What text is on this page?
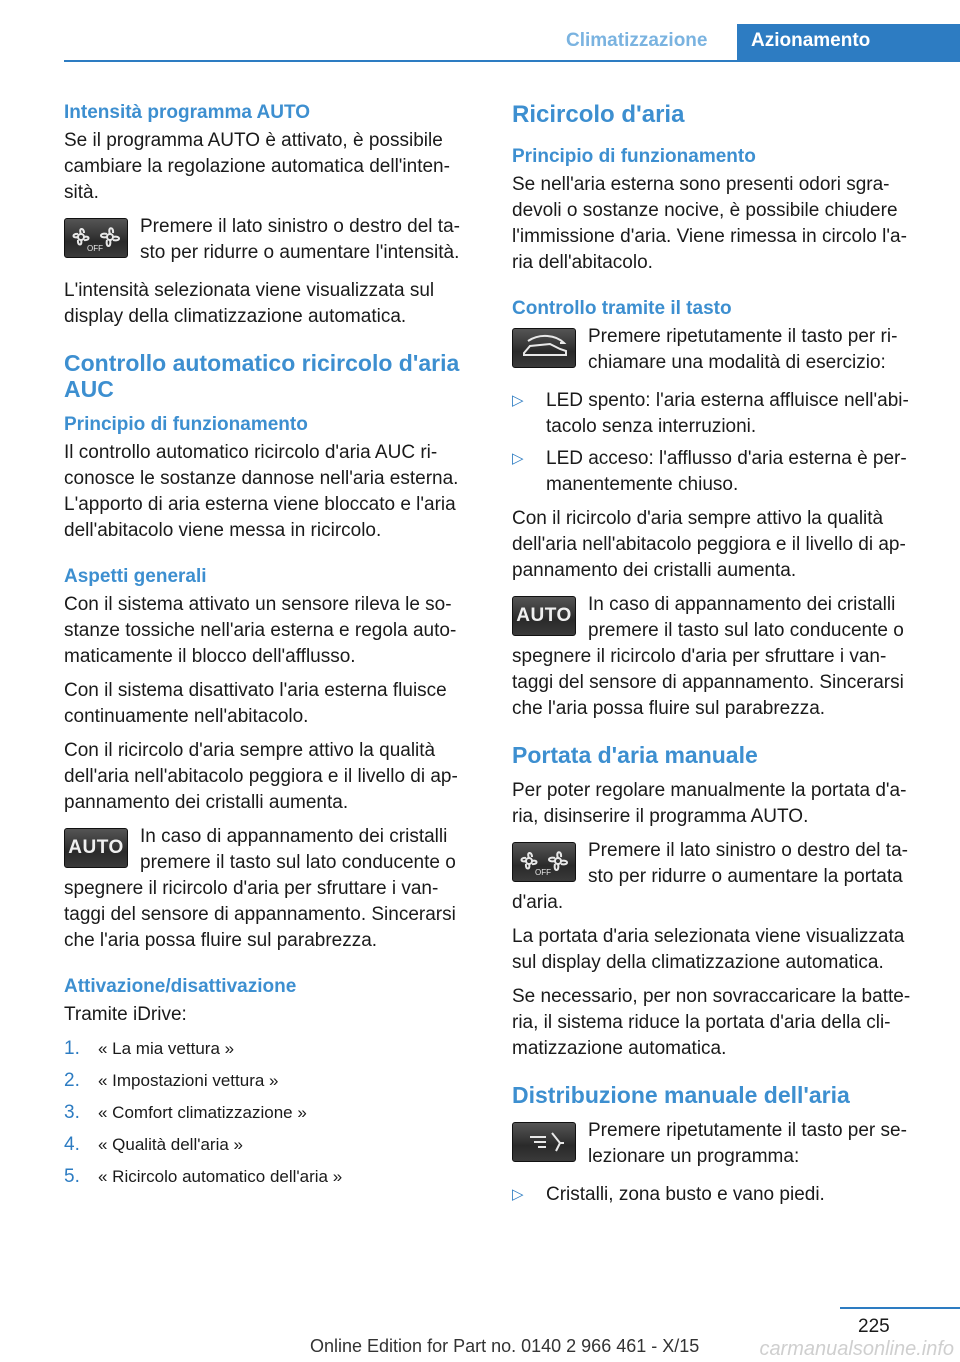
Climatizzazione	Azionamento
Intensità programma AUTO

Se il programma AUTO è attivato, è possibile cambiare la regolazione automatica dell'inten-sità.

OFF
Premere il lato sinistro o destro del ta-sto per ridurre o aumentare l'intensità.

L'intensità selezionata viene visualizzata sul display della climatizzazione automatica.

Controllo automatico ricircolo d'aria AUC
Principio di funzionamento

Il controllo automatico ricircolo d'aria AUC ri-conosce le sostanze dannose nell'aria esterna. L'apporto di aria esterna viene bloccato e l'aria dell'abitacolo viene messa in ricircolo.

Aspetti generali

Con il sistema attivato un sensore rileva le so-stanze tossiche nell'aria esterna e regola auto-maticamente il blocco dell'afflusso.

Con il sistema disattivato l'aria esterna fluisce continuamente nell'abitacolo.

Con il ricircolo d'aria sempre attivo la qualità dell'aria nell'abitacolo peggiora e il livello di ap-pannamento dei cristalli aumenta.

AUTO

In caso di appannamento dei cristalli premere il tasto sul lato conducente o spegnere il ricircolo d'aria per sfruttare i van-taggi del sensore di appannamento. Sincerarsi che l'aria possa fluire sul parabrezza.

Attivazione/disattivazione

Tramite iDrive:

1. « La mia vettura »
2. « Impostazioni vettura »
3. « Comfort climatizzazione »
4. « Qualità dell'aria »
5. « Ricircolo automatico dell'aria »
Ricircolo d'aria
Principio di funzionamento

Se nell'aria esterna sono presenti odori sgra-devoli o sostanze nocive, è possibile chiudere l'immissione d'aria. Viene rimessa in circolo l'a-ria dell'abitacolo.

Controllo tramite il tasto
Premere ripetutamente il tasto per ri-chiamare una modalità di esercizio:
▷ LED spento: l'aria esterna affluisce nell'abi-tacolo senza interruzioni.
▷ LED acceso: l'afflusso d'aria esterna è per-manentemente chiuso.

Con il ricircolo d'aria sempre attivo la qualità dell'aria nell'abitacolo peggiora e il livello di ap-pannamento dei cristalli aumenta.

AUTO

In caso di appannamento dei cristalli premere il tasto sul lato conducente o spegnere il ricircolo d'aria per sfruttare i van-taggi del sensore di appannamento. Sincerarsi che l'aria possa fluire sul parabrezza.

Portata d'aria manuale

Per poter regolare manualmente la portata d'a-ria, disinserire il programma AUTO.

OFF

Premere il lato sinistro o destro del ta-sto per ridurre o aumentare la portata d'aria.

La portata d'aria selezionata viene visualizzata sul display della climatizzazione automatica.

Se necessario, per non sovraccaricare la batte-ria, il sistema riduce la portata d'aria della cli-matizzazione automatica.

Distribuzione manuale dell'aria
Premere ripetutamente il tasto per se-lezionare un programma:
▷ Cristalli, zona busto e vano piedi.
225
Online Edition for Part no. 0140 2 966 461 - X/15	carmanualsonline.info
